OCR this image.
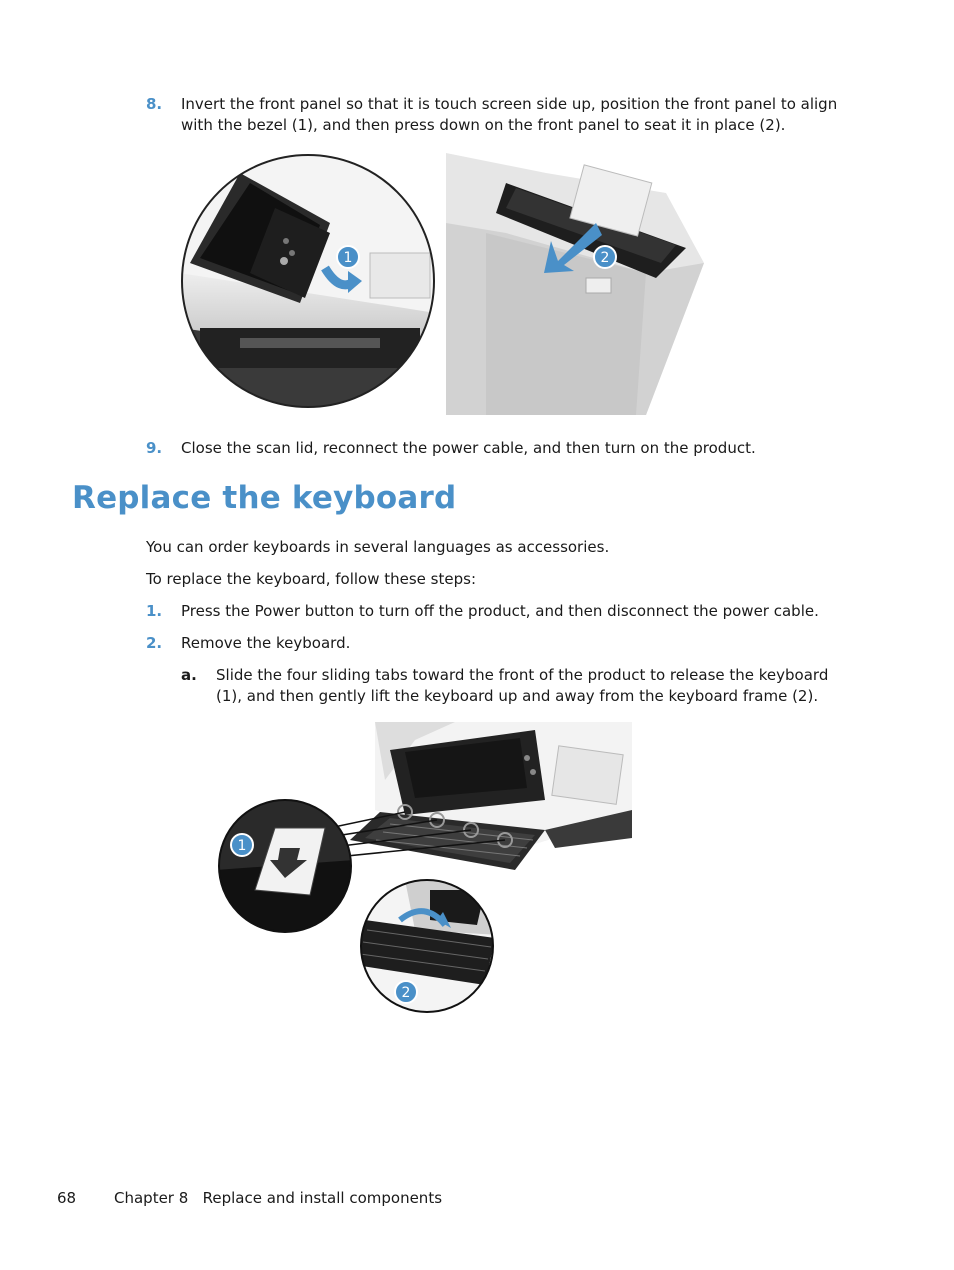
8. Invert the front panel so that it is touch screen side up, position the front panel to align with the bezel (1), and then press down on the front panel to seat it in place (2).
1	2
9. Close the scan lid, reconnect the power cable, and then turn on the product.
Replace the keyboard
You can order keyboards in several languages as accessories.
To replace the keyboard, follow these steps:
1. Press the Power button to turn off the product, and then disconnect the power cable.
2. Remove the keyboard.
a. Slide the four sliding tabs toward the front of the product to release the keyboard (1), and then gently lift the keyboard up and away from the keyboard frame (2).
1
2
68	Chapter 8   Replace and install components
